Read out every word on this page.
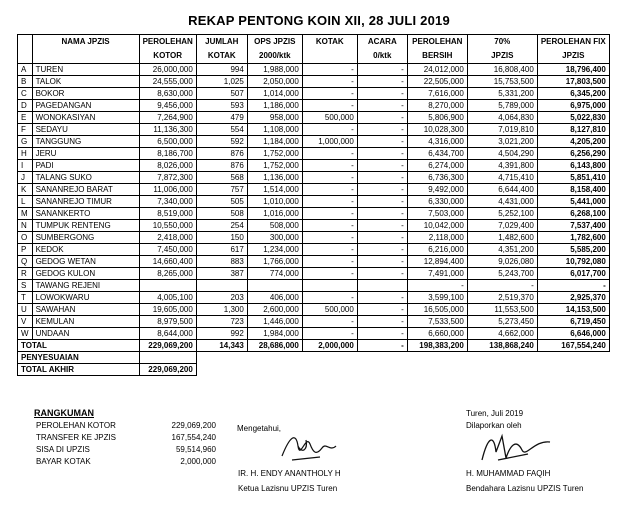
REKAP PENTONG KOIN XII, 28 JULI 2019
	NAMA JPZIS	PEROLEHAN	JUMLAH	OPS JPZIS	KOTAK	ACARA	PEROLEHAN	70%	PEROLEHAN FIX
		KOTOR	KOTAK	2000/ktk		0/ktk	BERSIH	JPZIS	JPZIS
A	TUREN	26,000,000	994	1,988,000	-	-	24,012,000	16,808,400	18,796,400
B	TALOK	24,555,000	1,025	2,050,000	-	-	22,505,000	15,753,500	17,803,500
C	BOKOR	8,630,000	507	1,014,000	-	-	7,616,000	5,331,200	6,345,200
D	PAGEDANGAN	9,456,000	593	1,186,000	-	-	8,270,000	5,789,000	6,975,000
E	WONOKASIYAN	7,264,900	479	958,000	500,000	-	5,806,900	4,064,830	5,022,830
F	SEDAYU	11,136,300	554	1,108,000	-	-	10,028,300	7,019,810	8,127,810
G	TANGGUNG	6,500,000	592	1,184,000	1,000,000	-	4,316,000	3,021,200	4,205,200
H	JERU	8,186,700	876	1,752,000	-	-	6,434,700	4,504,290	6,256,290
I	PADI	8,026,000	876	1,752,000	-	-	6,274,000	4,391,800	6,143,800
J	TALANG SUKO	7,872,300	568	1,136,000	-	-	6,736,300	4,715,410	5,851,410
K	SANANREJO BARAT	11,006,000	757	1,514,000	-	-	9,492,000	6,644,400	8,158,400
L	SANANREJO TIMUR	7,340,000	505	1,010,000	-	-	6,330,000	4,431,000	5,441,000
M	SANANKERTO	8,519,000	508	1,016,000	-	-	7,503,000	5,252,100	6,268,100
N	TUMPUK RENTENG	10,550,000	254	508,000	-	-	10,042,000	7,029,400	7,537,400
O	SUMBERGONG	2,418,000	150	300,000	-	-	2,118,000	1,482,600	1,782,600
P	KEDOK	7,450,000	617	1,234,000	-	-	6,216,000	4,351,200	5,585,200
Q	GEDOG WETAN	14,660,400	883	1,766,000	-	-	12,894,400	9,026,080	10,792,080
R	GEDOG KULON	8,265,000	387	774,000	-	-	7,491,000	5,243,700	6,017,700
S	TAWANG REJENI						-	-	-
T	LOWOKWARU	4,005,100	203	406,000	-	-	3,599,100	2,519,370	2,925,370
U	SAWAHAN	19,605,000	1,300	2,600,000	500,000	-	16,505,000	11,553,500	14,153,500
V	KEMULAN	8,979,500	723	1,446,000	-	-	7,533,500	5,273,450	6,719,450
W	UNDAAN	8,644,000	992	1,984,000	-	-	6,660,000	4,662,000	6,646,000
TOTAL		229,069,200	14,343	28,686,000	2,000,000	-	198,383,200	138,868,240	167,554,240
PENYESUAIAN									
TOTAL AKHIR		229,069,200							
RANGKUMAN
PEROLEHAN KOTOR	229,069,200
TRANSFER KE JPZIS	167,554,240
SISA DI UPZIS	59,514,960
BAYAR KOTAK	2,000,000
Mengetahui,
IR. H. ENDY ANANTHOLY H
Ketua Lazisnu UPZIS Turen
Turen, Juli 2019
Dilaporkan oleh
H. MUHAMMAD FAQIH
Bendahara Lazisnu UPZIS Turen
